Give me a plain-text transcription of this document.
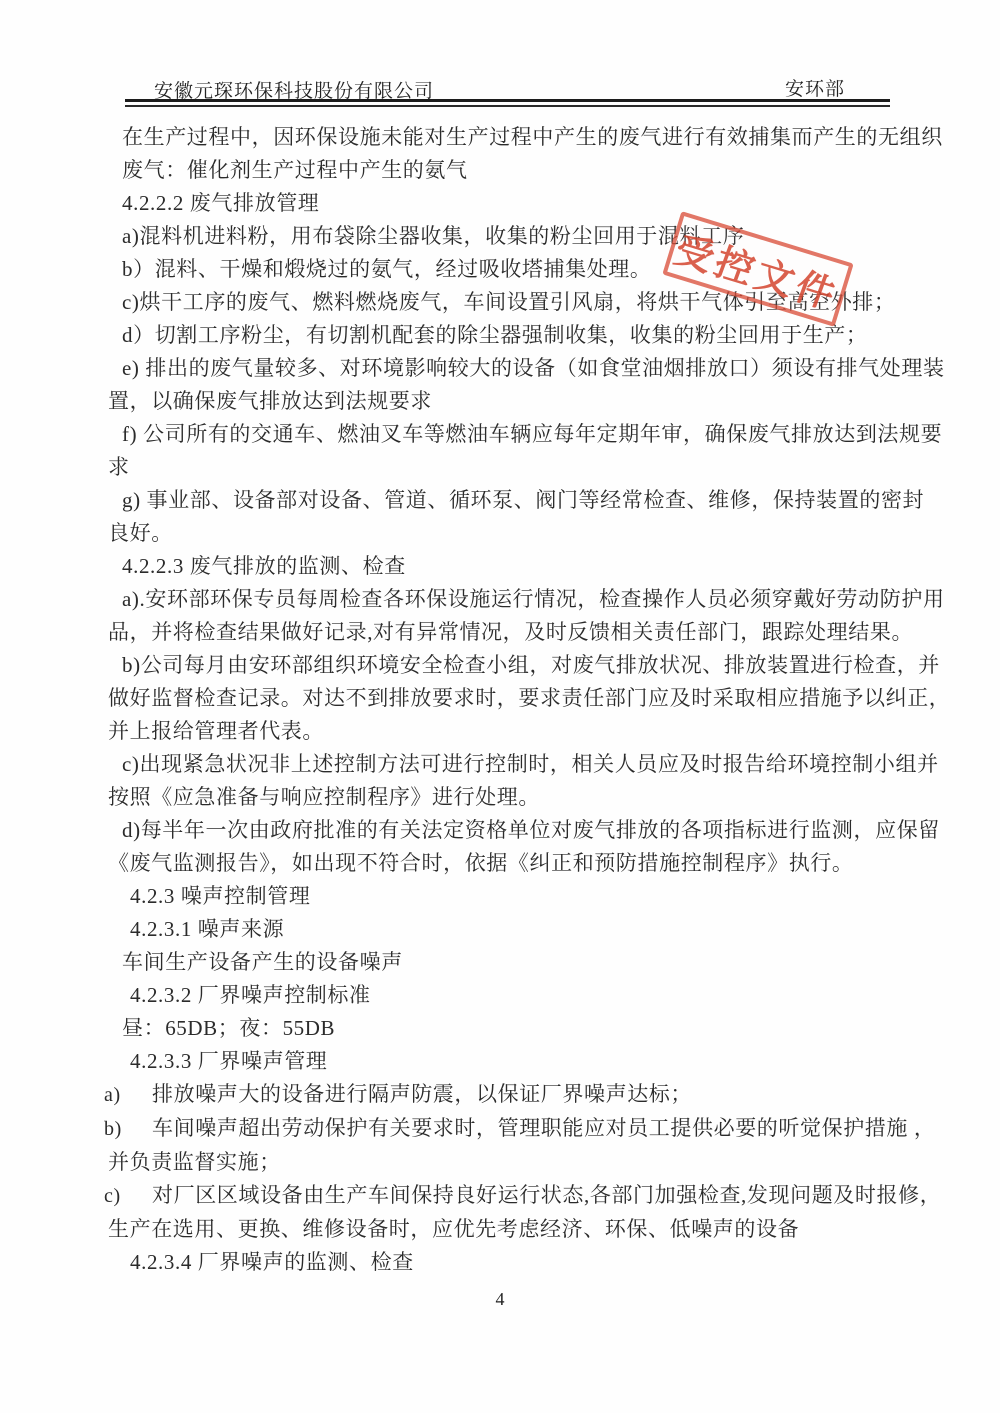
安徽元琛环保科技股份有限公司	安环部
在生产过程中，因环保设施未能对生产过程中产生的废气进行有效捕集而产生的无组织
废气：催化剂生产过程中产生的氨气
4.2.2.2 废气排放管理
a)混料机进料粉，用布袋除尘器收集，收集的粉尘回用于混料工序
b）混料、干燥和煅烧过的氨气，经过吸收塔捕集处理。
c)烘干工序的废气、燃料燃烧废气，车间设置引风扇，将烘干气体引至高空外排；
d）切割工序粉尘，有切割机配套的除尘器强制收集，收集的粉尘回用于生产；
e) 排出的废气量较多、对环境影响较大的设备（如食堂油烟排放口）须设有排气处理装
置，以确保废气排放达到法规要求
f) 公司所有的交通车、燃油叉车等燃油车辆应每年定期年审，确保废气排放达到法规要
求
g) 事业部、设备部对设备、管道、循环泵、阀门等经常检查、维修，保持装置的密封
良好。
4.2.2.3 废气排放的监测、检查
a).安环部环保专员每周检查各环保设施运行情况，检查操作人员必须穿戴好劳动防护用
品，并将检查结果做好记录,对有异常情况，及时反馈相关责任部门，跟踪处理结果。
b)公司每月由安环部组织环境安全检查小组，对废气排放状况、排放装置进行检查，并
做好监督检查记录。对达不到排放要求时，要求责任部门应及时采取相应措施予以纠正，
并上报给管理者代表。
c)出现紧急状况非上述控制方法可进行控制时，相关人员应及时报告给环境控制小组并
按照《应急准备与响应控制程序》进行处理。
d)每半年一次由政府批准的有关法定资格单位对废气排放的各项指标进行监测，应保留
《废气监测报告》，如出现不符合时，依据《纠正和预防措施控制程序》执行。
4.2.3 噪声控制管理
4.2.3.1 噪声来源
车间生产设备产生的设备噪声
4.2.3.2 厂界噪声控制标准
昼：65DB；夜：55DB
4.2.3.3 厂界噪声管理
a) 排放噪声大的设备进行隔声防震，以保证厂界噪声达标；
b) 车间噪声超出劳动保护有关要求时，管理职能应对员工提供必要的听觉保护措施 ，
并负责监督实施；
c) 对厂区区域设备由生产车间保持良好运行状态,各部门加强检查,发现问题及时报修，
生产在选用、更换、维修设备时，应优先考虑经济、环保、低噪声的设备
4.2.3.4 厂界噪声的监测、检查
受控文件
4
